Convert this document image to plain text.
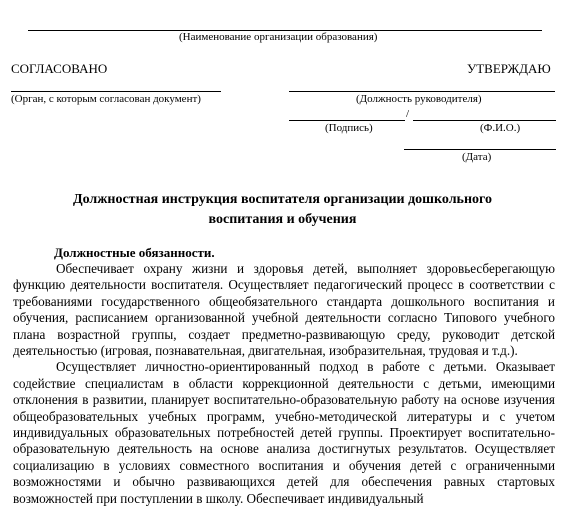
(Наименование организации образования)
СОГЛАСОВАНО
(Орган, с которым согласован документ)
УТВЕРЖДАЮ
(Должность руководителя)
/
(Подпись)	(Ф.И.О.)
(Дата)
Должностная инструкция воспитателя организации дошкольного
воспитания и обучения
Должностные обязанности.

Обеспечивает охрану жизни и здоровья детей, выполняет здоровьесберегающую функцию деятельности воспитателя. Осуществляет педагогический процесс в соответствии с требованиями государственного общеобязательного стандарта дошкольного воспитания и обучения, расписанием организованной учебной деятельности согласно Типового учебного плана возрастной группы, создает предметно-развивающую среду, руководит детской деятельностью (игровая, познавательная, двигательная, изобразительная, трудовая и т.д.).

Осуществляет личностно-ориентированный подход в работе с детьми. Оказывает содействие специалистам в области коррекционной деятельности с детьми, имеющими отклонения в развитии, планирует воспитательно-образовательную работу на основе изучения общеобразовательных учебных программ, учебно-методической литературы и с учетом индивидуальных образовательных потребностей детей группы. Проектирует воспитательно-образовательную деятельность на основе анализа достигнутых результатов. Осуществляет социализацию в условиях совместного воспитания и обучения детей с ограниченными возможностями и обычно развивающихся детей для обеспечения равных стартовых возможностей при поступлении в школу. Обеспечивает индивидуальный
